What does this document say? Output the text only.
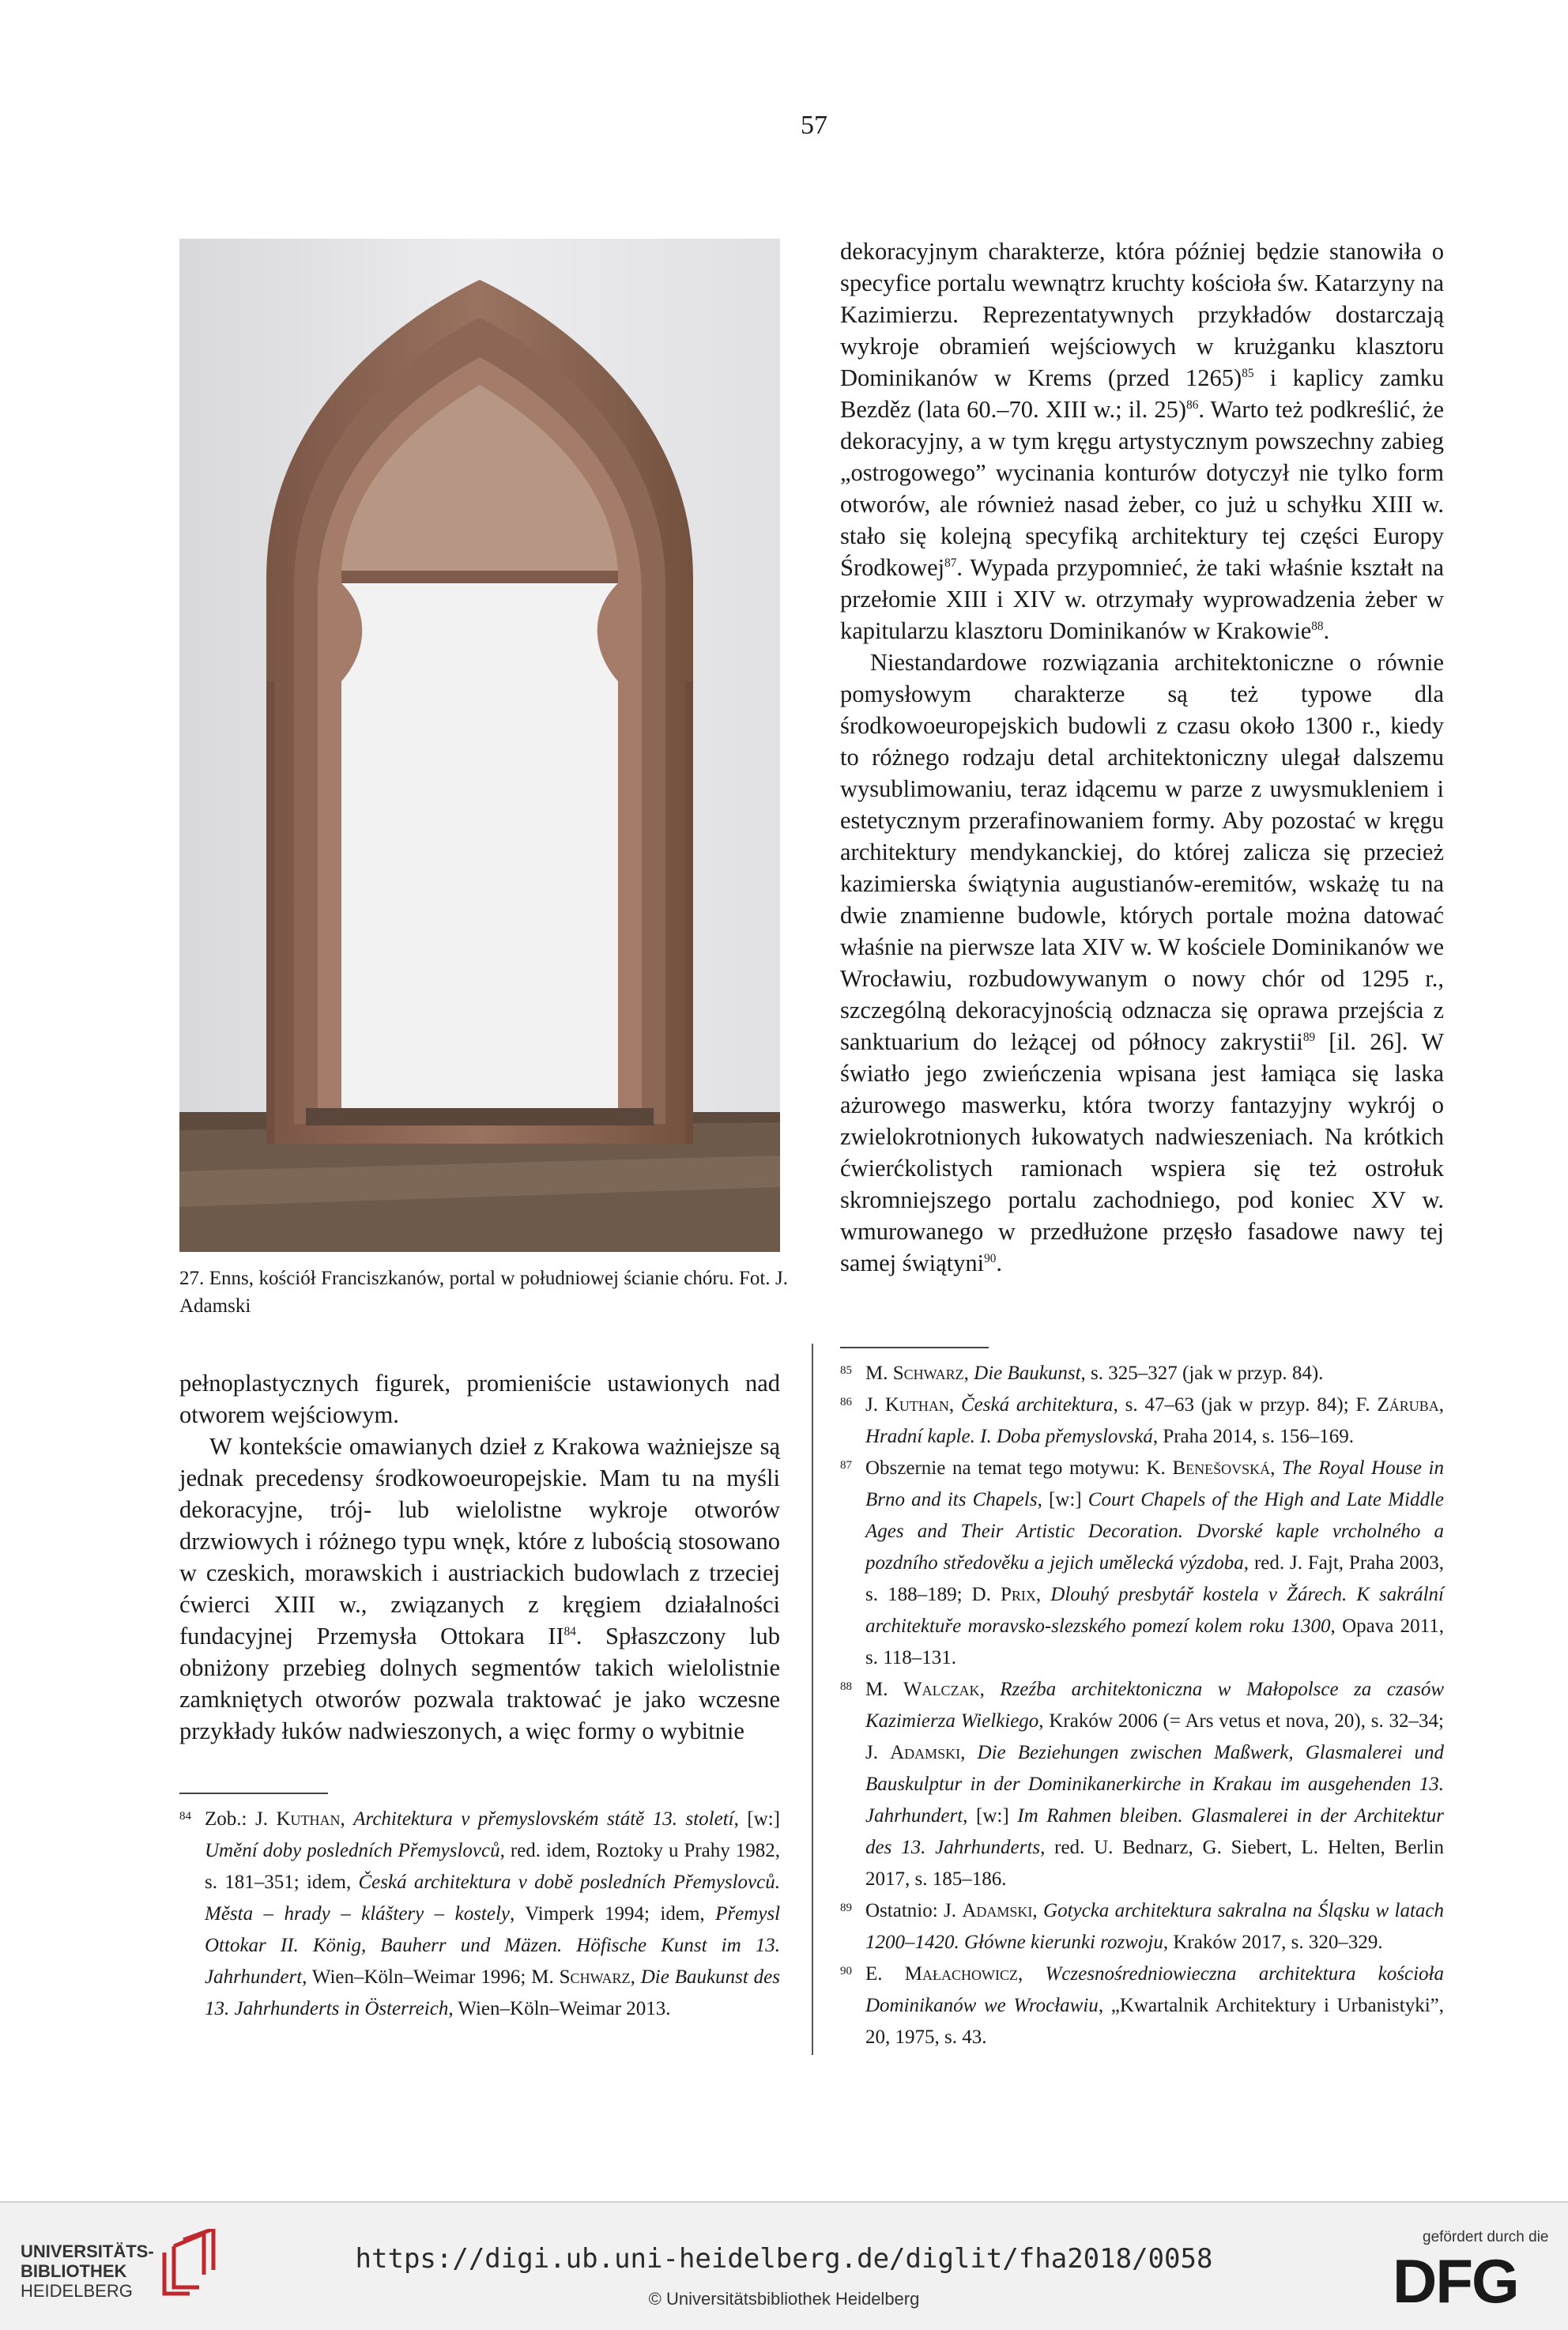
57
27. Enns, kościół Franciszkanów, portal w południowej ścianie chóru. Fot. J. Adamski

pełnoplastycznych figurek, promieniście ustawionych nad otworem wejściowym.

W kontekście omawianych dzieł z Krakowa ważniejsze są jednak precedensy środkowoeuropejskie. Mam tu na myśli dekoracyjne, trój- lub wielolistne wykroje otworów drzwiowych i różnego typu wnęk, które z lubością stosowano w czeskich, morawskich i austriackich budowlach z trzeciej ćwierci XIII w., związanych z kręgiem działalności fundacyjnej Przemysła Ottokara II$^{84}$. Spłaszczony lub obniżony przebieg dolnych segmentów takich wielolistnie zamkniętych otworów pozwala traktować je jako wczesne przykłady łuków nadwieszonych, a więc formy o wybitnie

dekoracyjnym charakterze, która później będzie stanowiła o specyfice portalu wewnątrz kruchty kościoła św. Katarzyny na Kazimierzu. Reprezentatywnych przykładów dostarczają wykroje obramień wejściowych w krużganku klasztoru Dominikanów w Krems (przed 1265)$^{85}$ i kaplicy zamku Bezděz (lata 60.–70. XIII w.; il. 25)$^{86}$. Warto też podkreślić, że dekoracyjny, a w tym kręgu artystycznym powszechny zabieg „ostrogowego” wycinania konturów dotyczył nie tylko form otworów, ale również nasad żeber, co już u schyłku XIII w. stało się kolejną specyfiką architektury tej części Europy Środkowej$^{87}$. Wypada przypomnieć, że taki właśnie kształt na przełomie XIII i XIV w. otrzymały wyprowadzenia żeber w kapitularzu klasztoru Dominikanów w Krakowie$^{88}$.

Niestandardowe rozwiązania architektoniczne o równie pomysłowym charakterze są też typowe dla środkowoeuropejskich budowli z czasu około 1300 r., kiedy to różnego rodzaju detal architektoniczny ulegał dalszemu wysublimowaniu, teraz idącemu w parze z uwysmukleniem i estetycznym przerafinowaniem formy. Aby pozostać w kręgu architektury mendykanckiej, do której zalicza się przecież kazimierska świątynia augustianów-eremitów, wskażę tu na dwie znamienne budowle, których portale można datować właśnie na pierwsze lata XIV w. W kościele Dominikanów we Wrocławiu, rozbudowywanym o nowy chór od 1295 r., szczególną dekoracyjnością odznacza się oprawa przejścia z sanktuarium do leżącej od północy zakrystii$^{89}$ [il. 26]. W światło jego zwieńczenia wpisana jest łamiąca się laska ażurowego maswerku, która tworzy fantazyjny wykrój o zwielokrotnionych łukowatych nadwieszeniach. Na krótkich ćwierćkolistych ramionach wspiera się też ostrołuk skromniejszego portalu zachodniego, pod koniec XV w. wmurowanego w przedłużone przęsło fasadowe nawy tej samej świątyni$^{90}$.

84 Zob.: J. Kuthan, Architektura v přemyslovském státě 13. století, [w:] Umění doby posledních Přemyslovců, red. idem, Roztoky u Prahy 1982, s. 181–351; idem, Česká architektura v době posledních Přemyslovců. Města – hrady – kláštery – kostely, Vimperk 1994; idem, Přemysl Ottokar II. König, Bauherr und Mäzen. Höfische Kunst im 13. Jahrhundert, Wien–Köln–Weimar 1996; M. Schwarz, Die Baukunst des 13. Jahrhunderts in Österreich, Wien–Köln–Weimar 2013.
85 M. Schwarz, Die Baukunst, s. 325–327 (jak w przyp. 84).
86 J. Kuthan, Česká architektura, s. 47–63 (jak w przyp. 84); F. Záruba, Hradní kaple. I. Doba přemyslovská, Praha 2014, s. 156–169.
87 Obszernie na temat tego motywu: K. Benešovská, The Royal House in Brno and its Chapels, [w:] Court Chapels of the High and Late Middle Ages and Their Artistic Decoration. Dvorské kaple vrcholného a pozdního středověku a jejich umělecká výzdoba, red. J. Fajt, Praha 2003, s. 188–189; D. Prix, Dlouhý presbytář kostela v Žárech. K sakrální architektuře moravsko-slezského pomezí kolem roku 1300, Opava 2011, s. 118–131.
88 M. Walczak, Rzeźba architektoniczna w Małopolsce za czasów Kazimierza Wielkiego, Kraków 2006 (= Ars vetus et nova, 20), s. 32–34; J. Adamski, Die Beziehungen zwischen Maßwerk, Glasmalerei und Bauskulptur in der Dominikanerkirche in Krakau im ausgehenden 13. Jahrhundert, [w:] Im Rahmen bleiben. Glasmalerei in der Architektur des 13. Jahrhunderts, red. U. Bednarz, G. Siebert, L. Helten, Berlin 2017, s. 185–186.
89 Ostatnio: J. Adamski, Gotycka architektura sakralna na Śląsku w latach 1200–1420. Główne kierunki rozwoju, Kraków 2017, s. 320–329.
90 E. Małachowicz, Wczesnośredniowieczna architektura kościoła Dominikanów we Wrocławiu, „Kwartalnik Architektury i Urbanistyki”, 20, 1975, s. 43.
UNIVERSITÄTS-
BIBLIOTHEK
HEIDELBERG
https://digi.ub.uni-heidelberg.de/diglit/fha2018/0058
© Universitätsbibliothek Heidelberg
gefördert durch die
DFG
